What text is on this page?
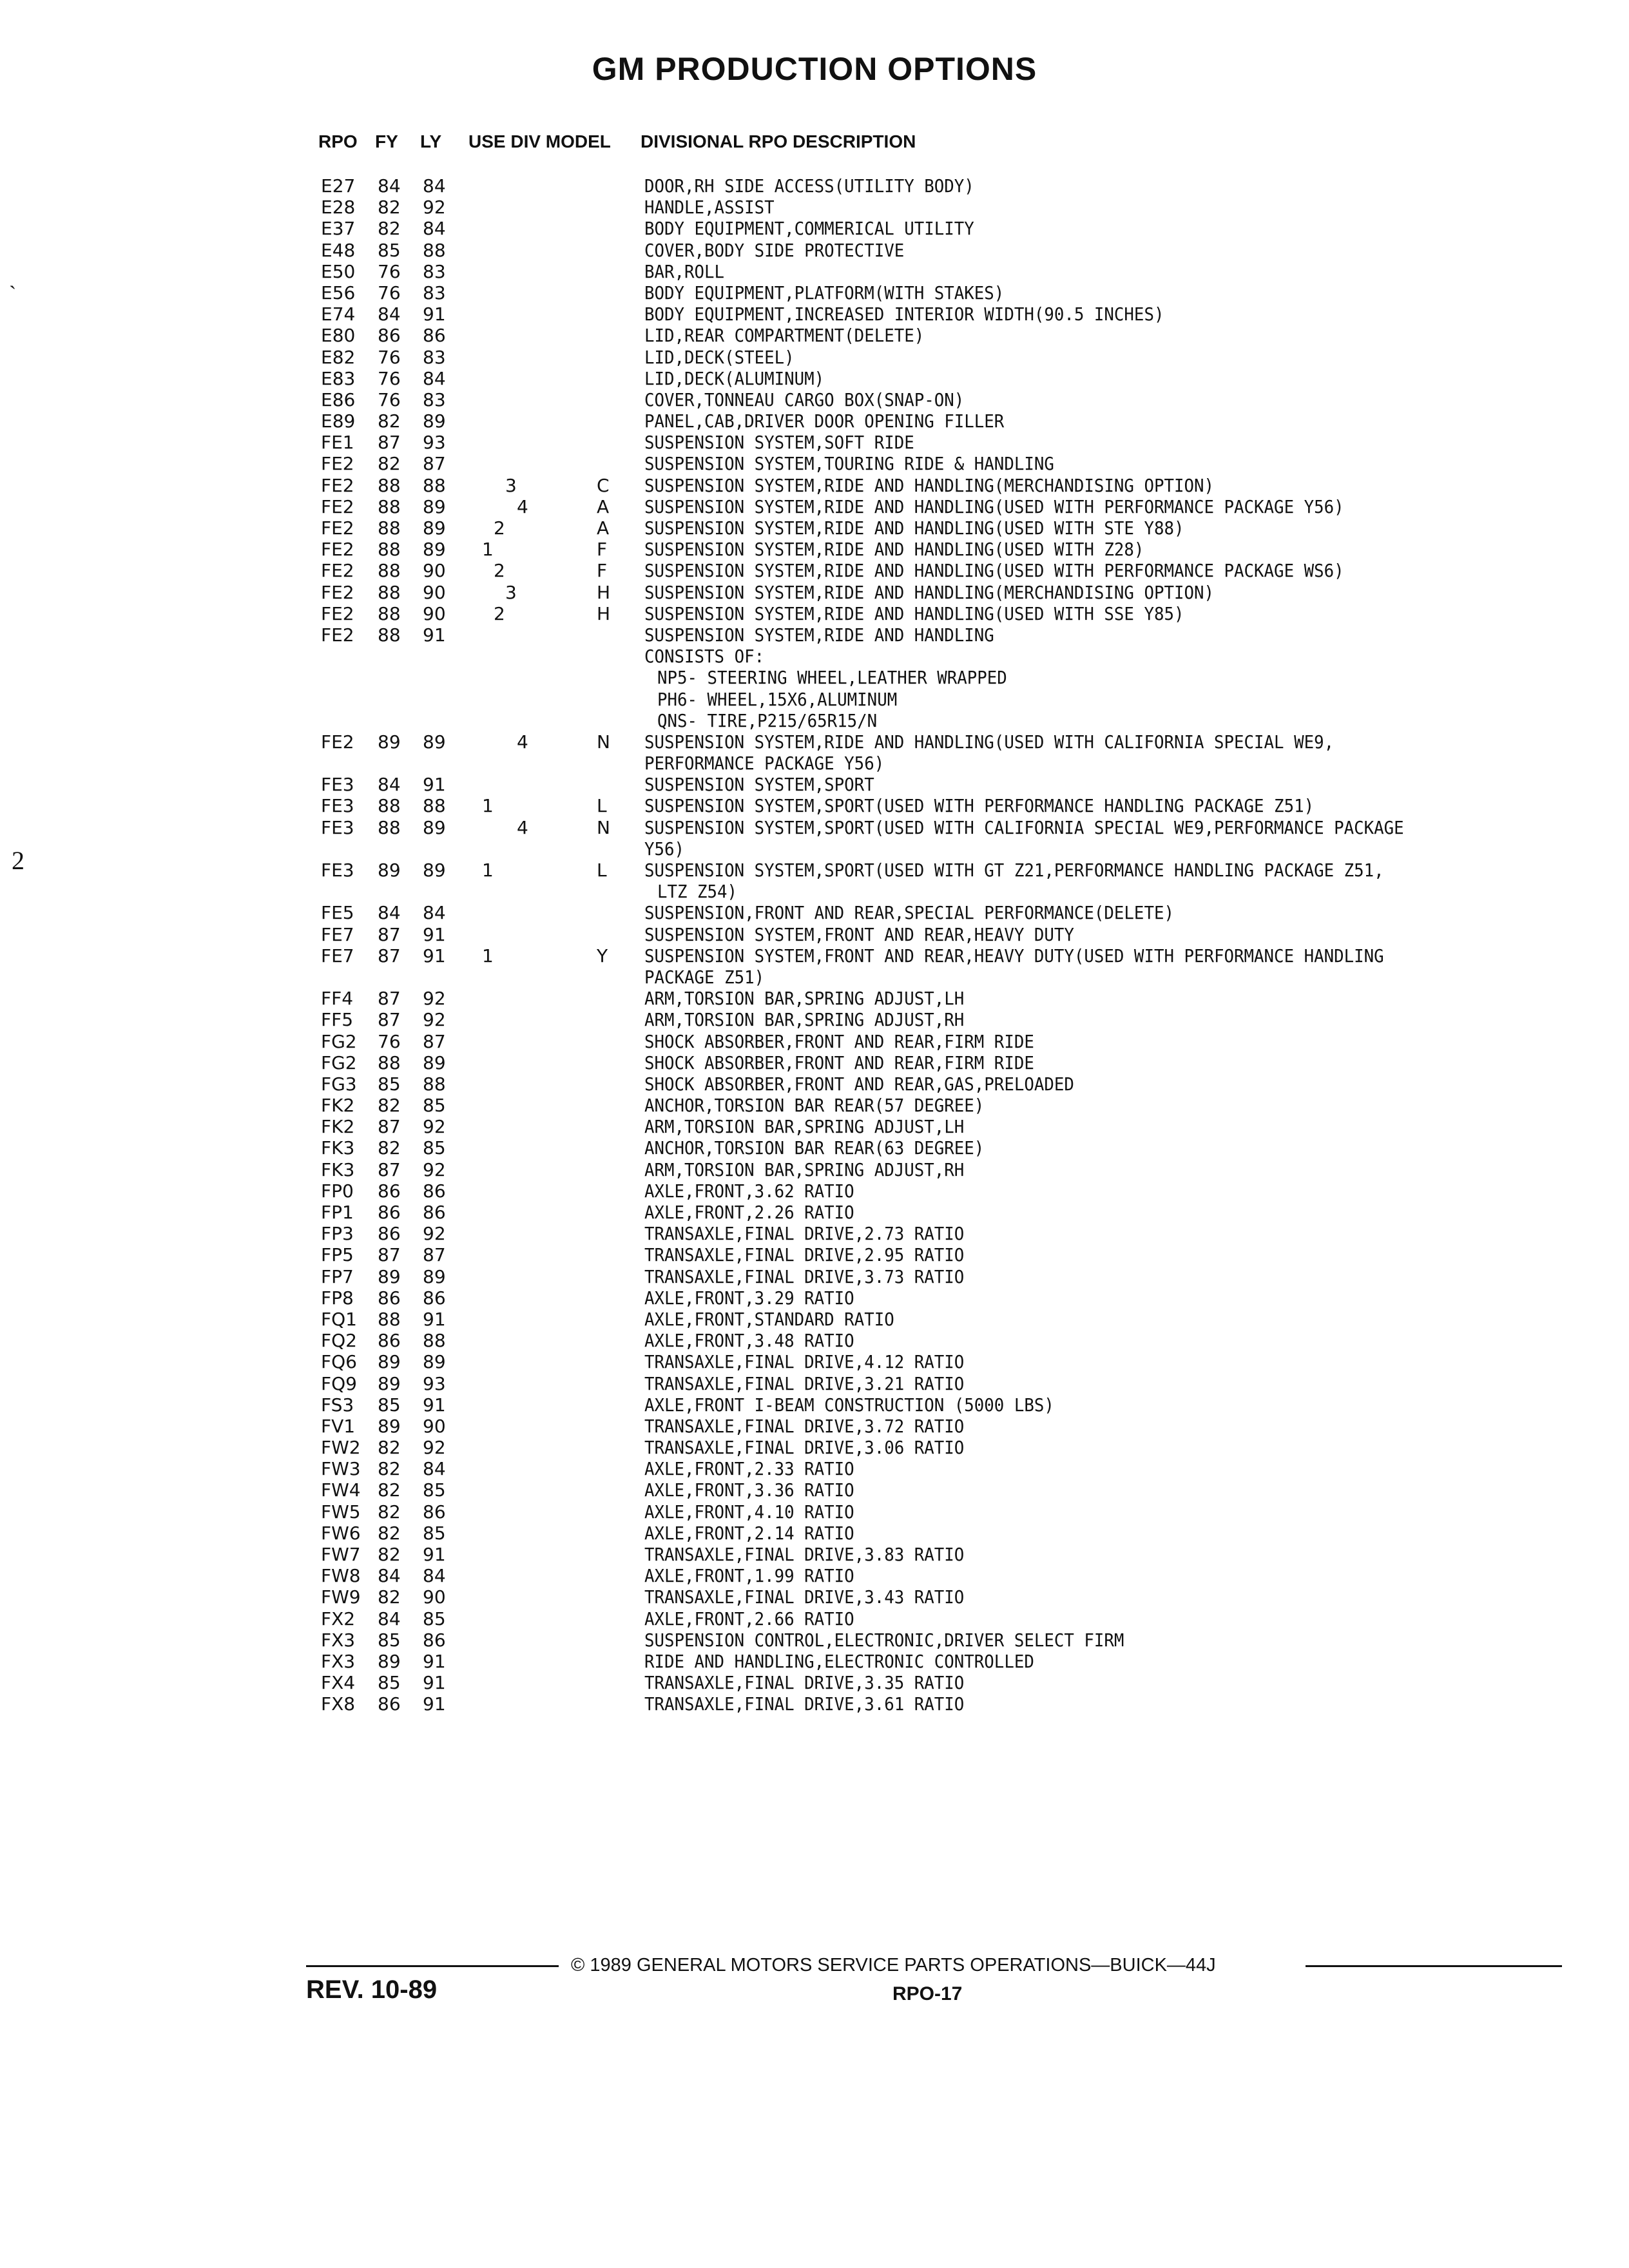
GM PRODUCTION OPTIONS
RPO FY LY USE DIV MODEL DIVISIONAL RPO DESCRIPTION
E27 84 84	DOOR,RH SIDE ACCESS(UTILITY BODY)
E28 82 92	HANDLE,ASSIST
E37 82 84	BODY EQUIPMENT,COMMERICAL UTILITY
E48 85 88	COVER,BODY SIDE PROTECTIVE
E50 76 83	BAR,ROLL
E56 76 83	BODY EQUIPMENT,PLATFORM(WITH STAKES)
E74 84 91	BODY EQUIPMENT,INCREASED INTERIOR WIDTH(90.5 INCHES)
E80 86 86	LID,REAR COMPARTMENT(DELETE)
E82 76 83	LID,DECK(STEEL)
E83 76 84	LID,DECK(ALUMINUM)
E86 76 83	COVER,TONNEAU CARGO BOX(SNAP-ON)
E89 82 89	PANEL,CAB,DRIVER DOOR OPENING FILLER
FE1 87 93	SUSPENSION SYSTEM,SOFT RIDE
FE2 82 87	SUSPENSION SYSTEM,TOURING RIDE & HANDLING
FE2 88 88	3	C SUSPENSION SYSTEM,RIDE AND HANDLING(MERCHANDISING OPTION)
FE2 88 89	4	A SUSPENSION SYSTEM,RIDE AND HANDLING(USED WITH PERFORMANCE PACKAGE Y56)
FE2 88 89	2	A SUSPENSION SYSTEM,RIDE AND HANDLING(USED WITH STE Y88)
FE2 88 89 1	F SUSPENSION SYSTEM,RIDE AND HANDLING(USED WITH Z28)
FE2 88 90	2	F SUSPENSION SYSTEM,RIDE AND HANDLING(USED WITH PERFORMANCE PACKAGE WS6)
FE2 88 90	3	H SUSPENSION SYSTEM,RIDE AND HANDLING(MERCHANDISING OPTION)
FE2 88 90	2	H SUSPENSION SYSTEM,RIDE AND HANDLING(USED WITH SSE Y85)
FE2 88 91	SUSPENSION SYSTEM,RIDE AND HANDLING
CONSISTS OF:
NP5- STEERING WHEEL,LEATHER WRAPPED
PH6- WHEEL,15X6,ALUMINUM
QNS- TIRE,P215/65R15/N
FE2 89 89	4	N SUSPENSION SYSTEM,RIDE AND HANDLING(USED WITH CALIFORNIA SPECIAL WE9,
PERFORMANCE PACKAGE Y56)
FE3 84 91	SUSPENSION SYSTEM,SPORT
FE3 88 88 1	L SUSPENSION SYSTEM,SPORT(USED WITH PERFORMANCE HANDLING PACKAGE Z51)
FE3 88 89	4	N SUSPENSION SYSTEM,SPORT(USED WITH CALIFORNIA SPECIAL WE9,PERFORMANCE PACKAGE
Y56)
FE3 89 89 1	L SUSPENSION SYSTEM,SPORT(USED WITH GT Z21,PERFORMANCE HANDLING PACKAGE Z51,
LTZ Z54)
FE5 84 84	SUSPENSION,FRONT AND REAR,SPECIAL PERFORMANCE(DELETE)
FE7 87 91	SUSPENSION SYSTEM,FRONT AND REAR,HEAVY DUTY
FE7 87 91 1	Y SUSPENSION SYSTEM,FRONT AND REAR,HEAVY DUTY(USED WITH PERFORMANCE HANDLING
PACKAGE Z51)
FF4 87 92	ARM,TORSION BAR,SPRING ADJUST,LH
FF5 87 92	ARM,TORSION BAR,SPRING ADJUST,RH
FG2 76 87	SHOCK ABSORBER,FRONT AND REAR,FIRM RIDE
FG2 88 89	SHOCK ABSORBER,FRONT AND REAR,FIRM RIDE
FG3 85 88	SHOCK ABSORBER,FRONT AND REAR,GAS,PRELOADED
FK2 82 85	ANCHOR,TORSION BAR REAR(57 DEGREE)
FK2 87 92	ARM,TORSION BAR,SPRING ADJUST,LH
FK3 82 85	ANCHOR,TORSION BAR REAR(63 DEGREE)
FK3 87 92	ARM,TORSION BAR,SPRING ADJUST,RH
FP0 86 86	AXLE,FRONT,3.62 RATIO
FP1 86 86	AXLE,FRONT,2.26 RATIO
FP3 86 92	TRANSAXLE,FINAL DRIVE,2.73 RATIO
FP5 87 87	TRANSAXLE,FINAL DRIVE,2.95 RATIO
FP7 89 89	TRANSAXLE,FINAL DRIVE,3.73 RATIO
FP8 86 86	AXLE,FRONT,3.29 RATIO
FQ1 88 91	AXLE,FRONT,STANDARD RATIO
FQ2 86 88	AXLE,FRONT,3.48 RATIO
FQ6 89 89	TRANSAXLE,FINAL DRIVE,4.12 RATIO
FQ9 89 93	TRANSAXLE,FINAL DRIVE,3.21 RATIO
FS3 85 91	AXLE,FRONT I-BEAM CONSTRUCTION (5000 LBS)
FV1 89 90	TRANSAXLE,FINAL DRIVE,3.72 RATIO
FW2 82 92	TRANSAXLE,FINAL DRIVE,3.06 RATIO
FW3 82 84	AXLE,FRONT,2.33 RATIO
FW4 82 85	AXLE,FRONT,3.36 RATIO
FW5 82 86	AXLE,FRONT,4.10 RATIO
FW6 82 85	AXLE,FRONT,2.14 RATIO
FW7 82 91	TRANSAXLE,FINAL DRIVE,3.83 RATIO
FW8 84 84	AXLE,FRONT,1.99 RATIO
FW9 82 90	TRANSAXLE,FINAL DRIVE,3.43 RATIO
FX2 84 85	AXLE,FRONT,2.66 RATIO
FX3 85 86	SUSPENSION CONTROL,ELECTRONIC,DRIVER SELECT FIRM
FX3 89 91	RIDE AND HANDLING,ELECTRONIC CONTROLLED
FX4 85 91	TRANSAXLE,FINAL DRIVE,3.35 RATIO
FX8 86 91	TRANSAXLE,FINAL DRIVE,3.61 RATIO
ˎ
2
© 1989 GENERAL MOTORS SERVICE PARTS OPERATIONS—BUICK—44J
REV. 10-89	RPO-17
